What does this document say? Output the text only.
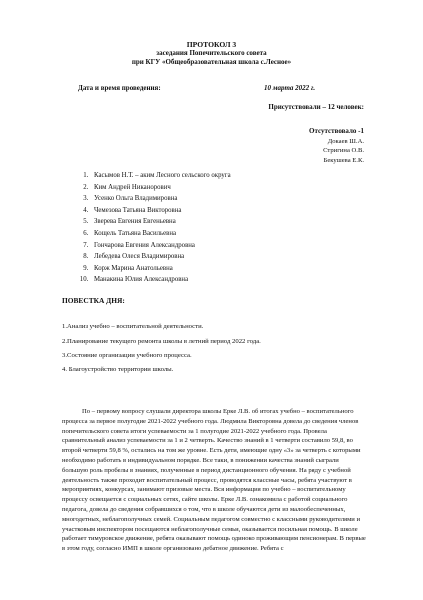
ПРОТОКОЛ 3

заседания Попечительского совета

при КГУ «Общеобразовательная школа с.Лесное»

Дата и время проведения:	10 марта 2022 г.

Присутствовали – 12 человек:

Отсутствовало -1

Докаев Ш.А.
Стригина О.В.
Бекушева Е.К.
1. Касымов Н.Т. – аким Лесного сельского округа
2. Ким Андрей Никанорович
3. Усенко Ольга Владимировна
4. Чемезова Татьяна Викторовна
5. Зверева Евгения Евгеньевна
6. Кощель Татьяна Васильевна
7. Гончарова Евгения Александровна
8. Лебедева Олеся Владимировна
9. Корж Марина Анатольевна
10. Манакина Юлия Александровна

ПОВЕСТКА ДНЯ:

1.Анализ учебно – воспитательной деятельности.

2.Планирование текущего ремонта школы в летний период 2022 года.

3.Состояние организации учебного процесса.

4. Благоустройство территории школы.

По – первому вопросу слушали директора школы Ерке Л.В. об итогах учебно – воспитательного процесса за первое полугодие 2021-2022 учебного года. Людмила Викторовна довела до сведения членов попечительского совета итоги успеваемости за 1 полугодие 2021-2022 учебного года. Провела сравнительный анализ успеваемости за 1 и 2 четверть. Качество знаний в 1 четверти составило 59,8, во второй четверти 59,8 %, остались на том же уровне. Есть дети, имеющие одну «3» за четверть с которыми необходимо работать в индивидуальном порядке. Все таки, в понижении качества знаний сыграли большую роль пробелы в знаниях, полученные в период дистанционного обучения. На ряду с учебной деятельность также проходит воспитательный процесс, проводятся классные часы, ребята участвуют в мероприятиях, конкурсах, занимают призовые места. Вся информация по учебно – воспитательному процессу освещается с социальных сетях, сайте школы. Ерке Л.В. ознакомила с работой социального педагога, довела до сведения собравшихся о том, что в школе обучаются дети из малообеспеченных, многодетных, неблагополучных семей. Социальным педагогом совместно с классными руководителями и участковым инспектором посещаются неблагополучные семьи, оказывается посильная помощь. В школе работает тимуровское движение, ребята оказывают помощь одиноко проживающим пенсионерам. В первые в этом году, согласно ИМП в школе организовано дебатное движение. Ребята с
